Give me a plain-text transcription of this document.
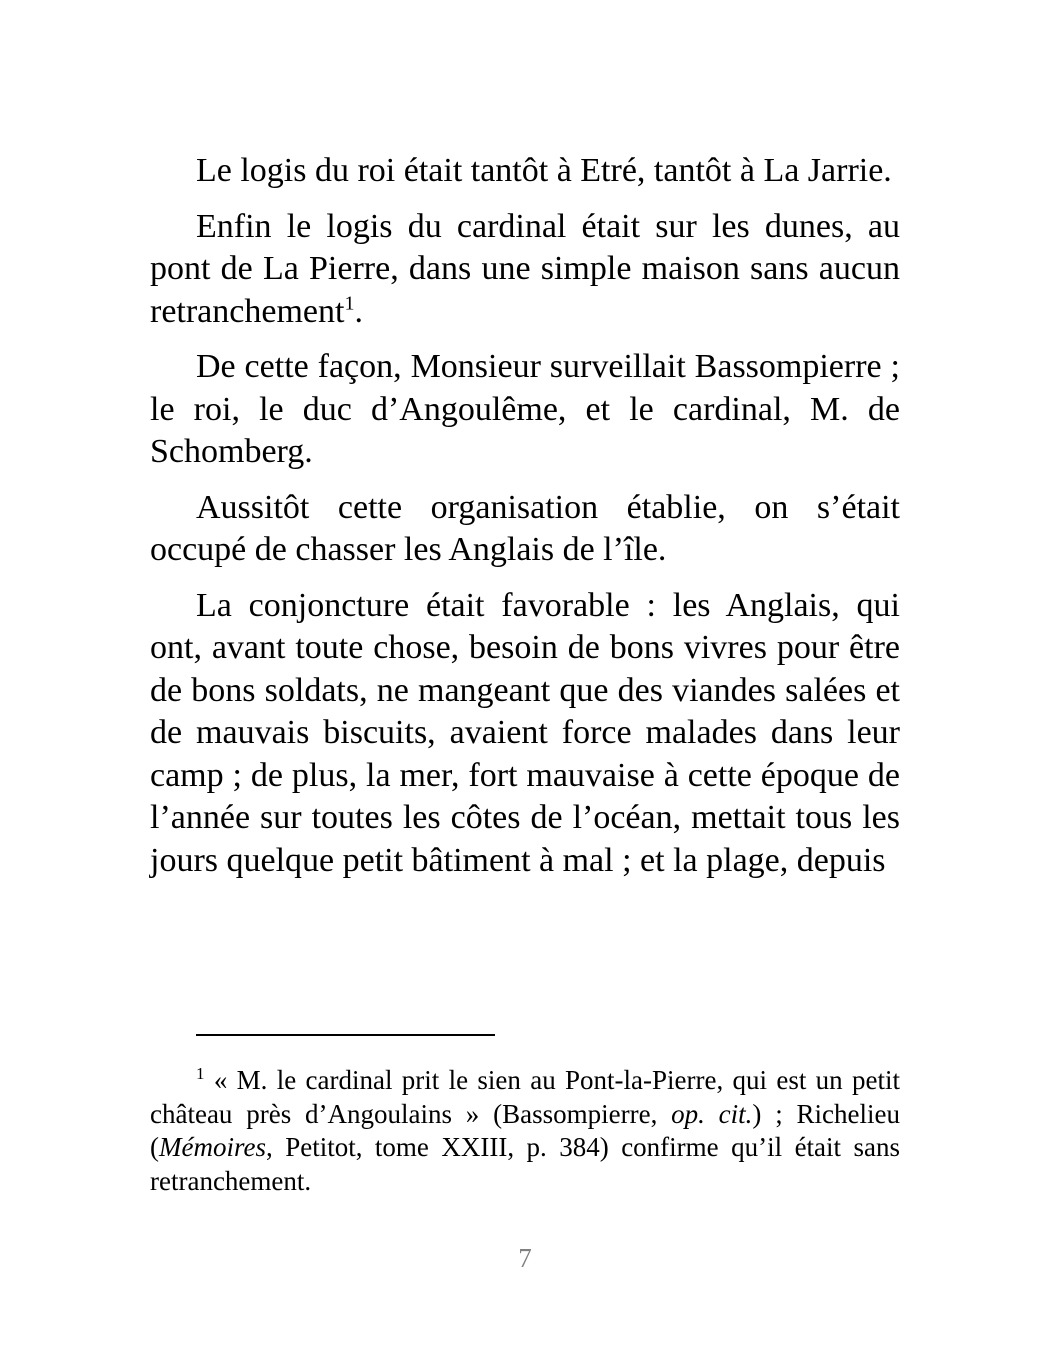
Le logis du roi était tantôt à Etré, tantôt à La Jarrie.

Enfin le logis du cardinal était sur les dunes, au pont de La Pierre, dans une simple maison sans aucun retranchement$^1$.

De cette façon, Monsieur surveillait Bassompierre ; le roi, le duc d’Angoulême, et le cardinal, M. de Schomberg.

Aussitôt cette organisation établie, on s’était occupé de chasser les Anglais de l’île.

La conjoncture était favorable : les Anglais, qui ont, avant toute chose, besoin de bons vivres pour être de bons soldats, ne mangeant que des viandes salées et de mauvais biscuits, avaient force malades dans leur camp ; de plus, la mer, fort mauvaise à cette époque de l’année sur toutes les côtes de l’océan, mettait tous les jours quelque petit bâtiment à mal ; et la plage, depuis

$^1$ « M. le cardinal prit le sien au Pont-la-Pierre, qui est un petit château près d’Angoulains » (Bassompierre, op. cit.) ; Richelieu (Mémoires, Petitot, tome XXIII, p. 384) confirme qu’il était sans retranchement.

7
